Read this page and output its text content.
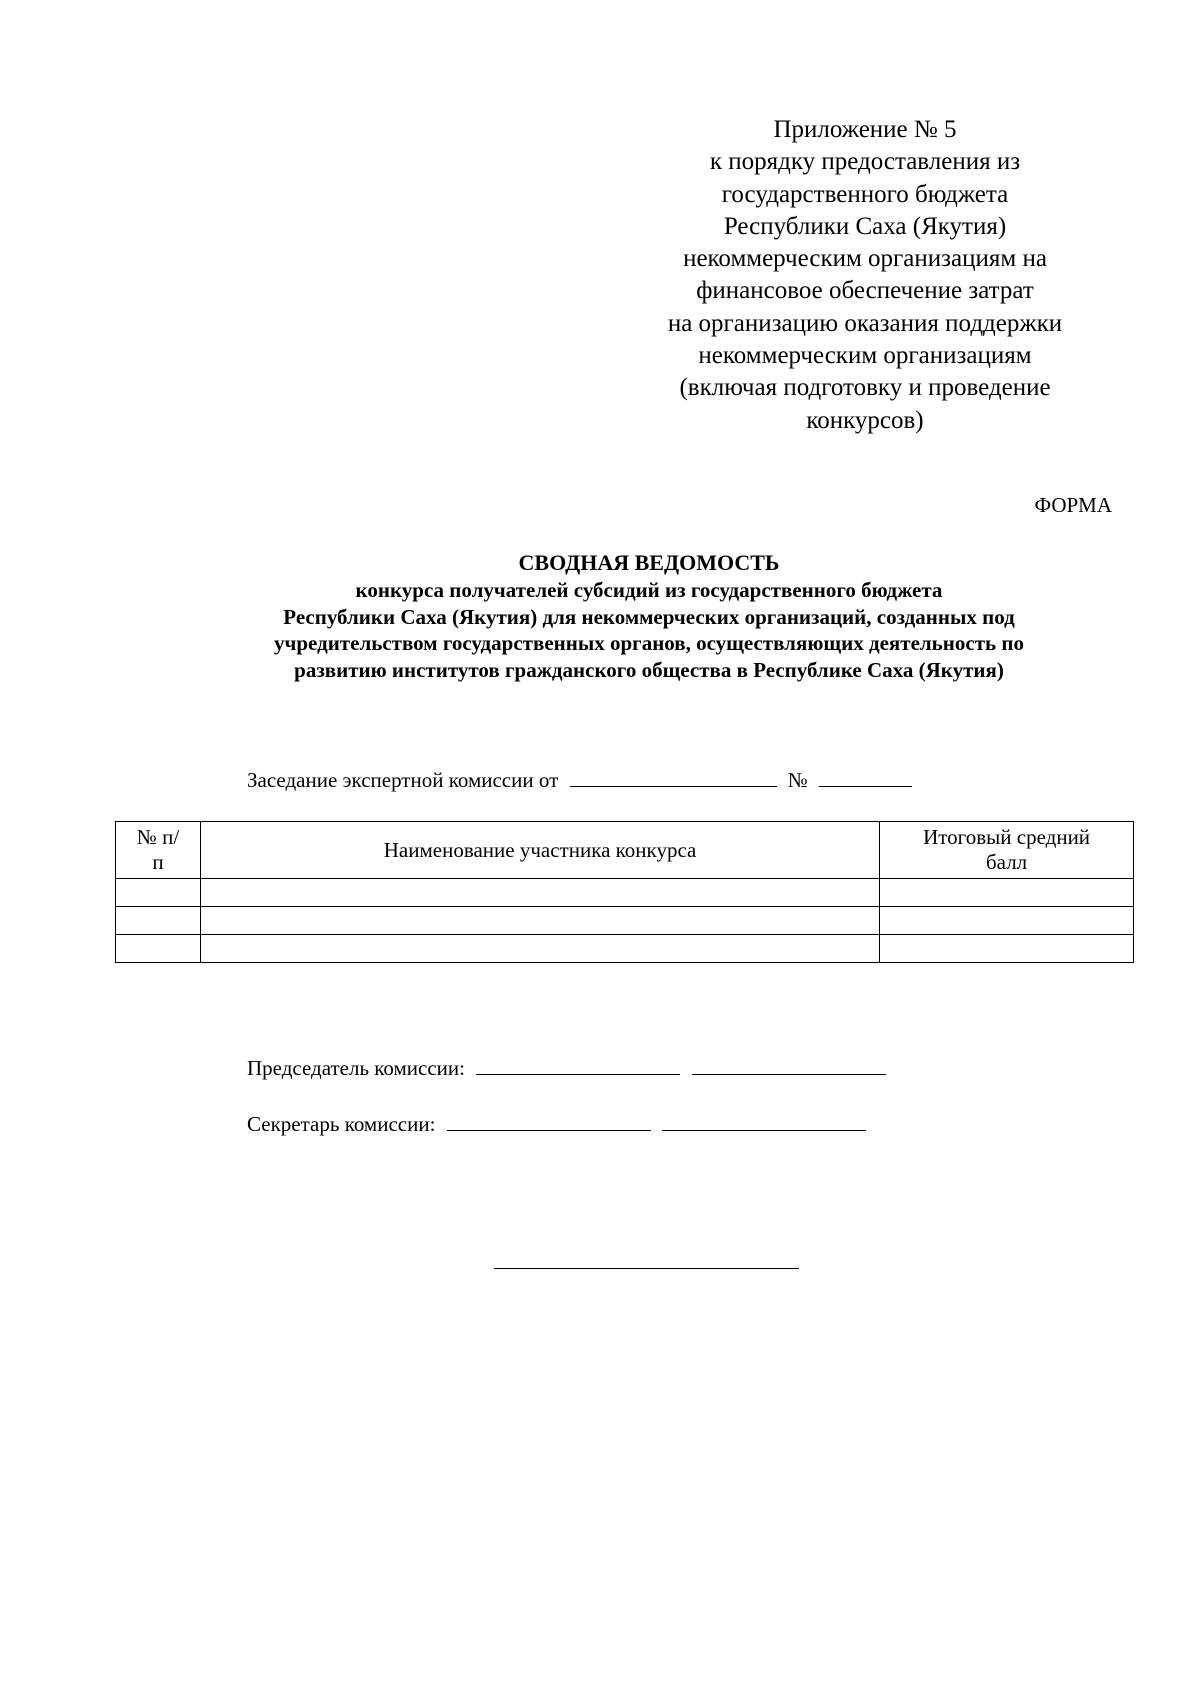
Приложение № 5
к порядку предоставления из
государственного бюджета
Республики Саха (Якутия)
некоммерческим организациям на
финансовое обеспечение затрат
на организацию оказания поддержки
некоммерческим организациям
(включая подготовку и проведение
конкурсов)
ФОРМА
СВОДНАЯ ВЕДОМОСТЬ
конкурса получателей субсидий из государственного бюджета
Республики Саха (Якутия) для некоммерческих организаций, созданных под
учредительством государственных органов, осуществляющих деятельность по
развитию институтов гражданского общества в Республике Саха (Якутия)
Заседание экспертной комиссии от	№
№ п/п	Наименование участника конкурса	Итоговый средний балл

Председатель комиссии:
Секретарь комиссии:
